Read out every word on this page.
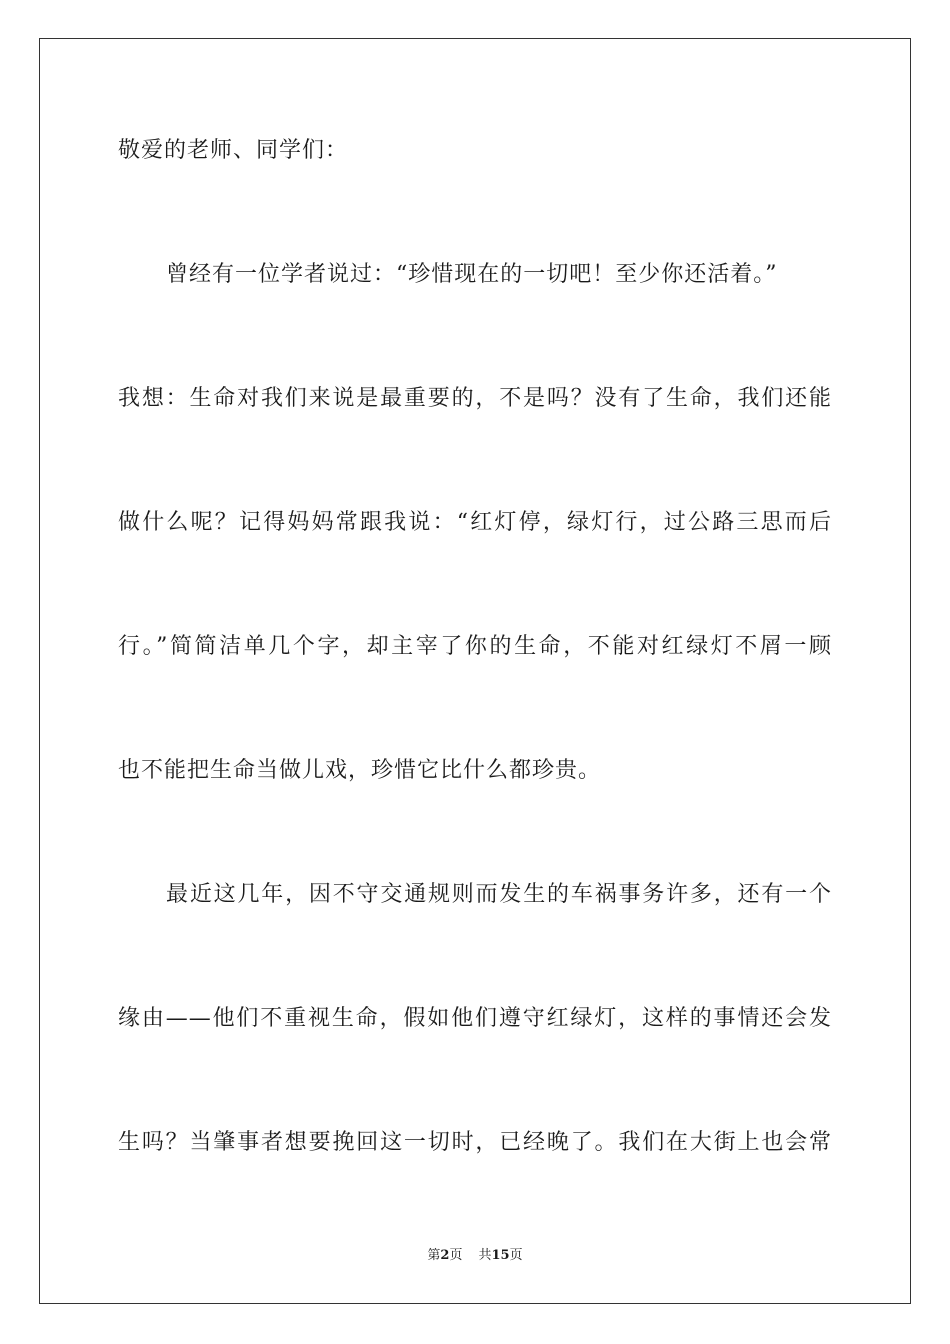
敬爱的老师、同学们：
曾经有一位学者说过：“珍惜现在的一切吧！至少你还活着。”
我想：生命对我们来说是最重要的，不是吗？没有了生命，我们还能
做什么呢？记得妈妈常跟我说：“红灯停，绿灯行，过公路三思而后
行。”简简洁单几个字，却主宰了你的生命，不能对红绿灯不屑一顾
也不能把生命当做儿戏，珍惜它比什么都珍贵。
最近这几年，因不守交通规则而发生的车祸事务许多，还有一个
缘由——他们不重视生命，假如他们遵守红绿灯，这样的事情还会发
生吗？当肇事者想要挽回这一切时，已经晚了。我们在大街上也会常
第2页 共15页
